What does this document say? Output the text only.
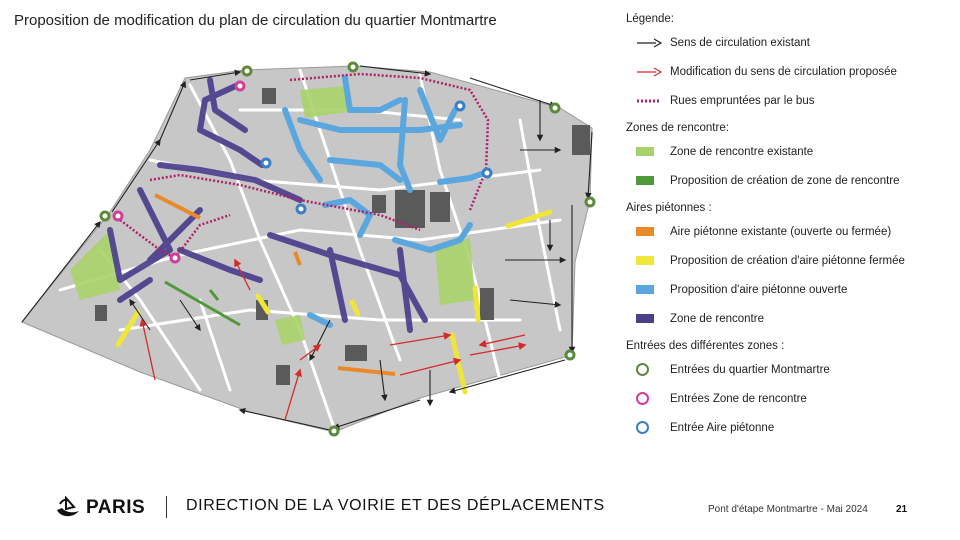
Proposition de modification du plan de circulation du quartier Montmartre	Légende:
Sens de circulation existant
Modification du sens de circulation proposée
Rues empruntées par le bus
Zones de rencontre:
Zone de rencontre existante
Proposition de création de zone de rencontre
Aires piétonnes :
Aire piétonne existante (ouverte ou fermée)
Proposition de création d'aire piétonne fermée
Proposition d'aire piétonne ouverte
Zone de rencontre
Entrées des différentes zones :
Entrées du quartier Montmartre
Entrées Zone de rencontre
Entrée Aire piétonne
PARIS	DIRECTION DE LA VOIRIE ET DES DÉPLACEMENTS	Pont d'étape Montmartre - Mai 2024	21
